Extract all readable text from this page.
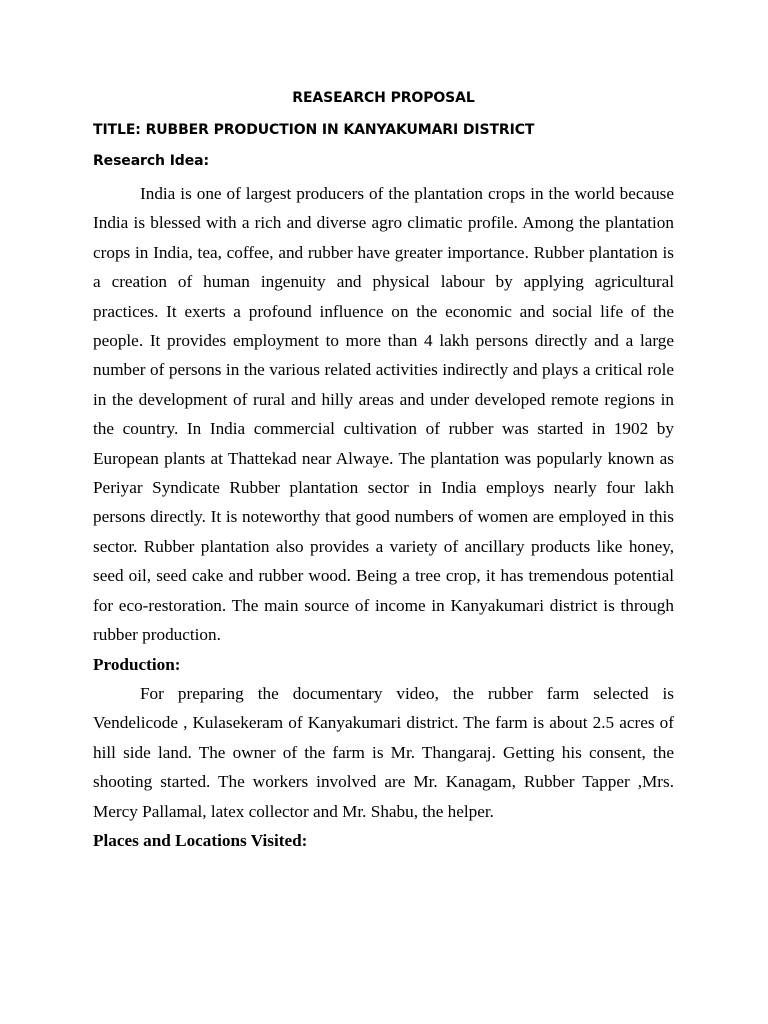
REASEARCH PROPOSAL
TITLE: RUBBER PRODUCTION IN KANYAKUMARI DISTRICT
Research Idea:

India is one of largest producers of the plantation crops in the world because India is blessed with a rich and diverse agro climatic profile. Among the plantation crops in India, tea, coffee, and rubber have greater importance. Rubber plantation is a creation of human ingenuity and physical labour by applying agricultural practices. It exerts a profound influence on the economic and social life of the people. It provides employment to more than 4 lakh persons directly and a large number of persons in the various related activities indirectly and plays a critical role in the development of rural and hilly areas and under developed remote regions in the country. In India commercial cultivation of rubber was started in 1902 by European plants at Thattekad near Alwaye. The plantation was popularly known as Periyar Syndicate Rubber plantation sector in India employs nearly four lakh persons directly. It is noteworthy that good numbers of women are employed in this sector. Rubber plantation also provides a variety of ancillary products like honey, seed oil, seed cake and rubber wood. Being a tree crop, it has tremendous potential for eco-restoration. The main source of income in Kanyakumari district is through rubber production.

Production:

For preparing the documentary video, the rubber farm selected is Vendelicode , Kulasekeram of Kanyakumari district. The farm is about 2.5 acres of hill side land. The owner of the farm is Mr. Thangaraj. Getting his consent, the shooting started. The workers involved are Mr. Kanagam, Rubber Tapper ,Mrs. Mercy Pallamal, latex collector and Mr. Shabu, the helper.

Places and Locations Visited:
